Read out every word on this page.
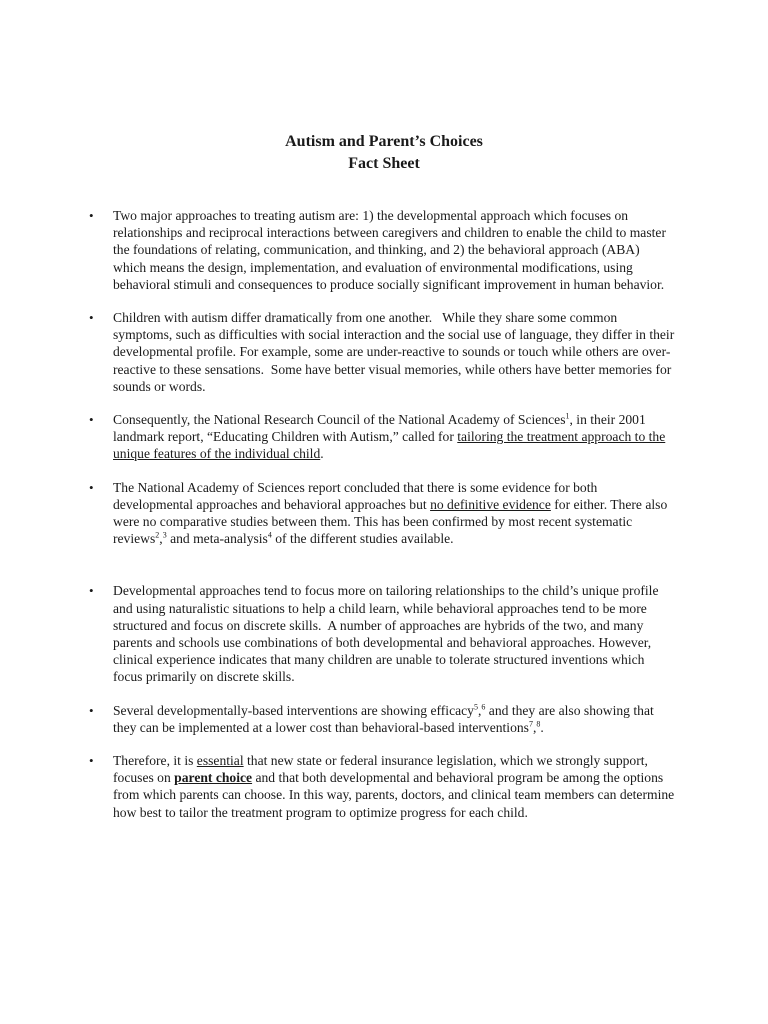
Autism and Parent’s Choices
Fact Sheet
• Two major approaches to treating autism are: 1) the developmental approach which focuses on relationships and reciprocal interactions between caregivers and children to enable the child to master the foundations of relating, communication, and thinking, and 2) the behavioral approach (ABA) which means the design, implementation, and evaluation of environmental modifications, using behavioral stimuli and consequences to produce socially significant improvement in human behavior.
• Children with autism differ dramatically from one another.   While they share some common symptoms, such as difficulties with social interaction and the social use of language, they differ in their developmental profile. For example, some are under-reactive to sounds or touch while others are over-reactive to these sensations.  Some have better visual memories, while others have better memories for sounds or words.
• Consequently, the National Research Council of the National Academy of Sciences$^1$, in their 2001 landmark report, “Educating Children with Autism,” called for tailoring the treatment approach to the unique features of the individual child.
• The National Academy of Sciences report concluded that there is some evidence for both developmental approaches and behavioral approaches but no definitive evidence for either. There also were no comparative studies between them. This has been confirmed by most recent systematic reviews$^2$,$^3$ and meta-analysis$^4$ of the different studies available.
• Developmental approaches tend to focus more on tailoring relationships to the child’s unique profile and using naturalistic situations to help a child learn, while behavioral approaches tend to be more structured and focus on discrete skills.  A number of approaches are hybrids of the two, and many parents and schools use combinations of both developmental and behavioral approaches. However, clinical experience indicates that many children are unable to tolerate structured inventions which focus primarily on discrete skills.
• Several developmentally-based interventions are showing efficacy$^5$,$^6$ and they are also showing that they can be implemented at a lower cost than behavioral-based interventions$^7$,$^8$.
• Therefore, it is essential that new state or federal insurance legislation, which we strongly support, focuses on parent choice and that both developmental and behavioral program be among the options from which parents can choose. In this way, parents, doctors, and clinical team members can determine how best to tailor the treatment program to optimize progress for each child.
